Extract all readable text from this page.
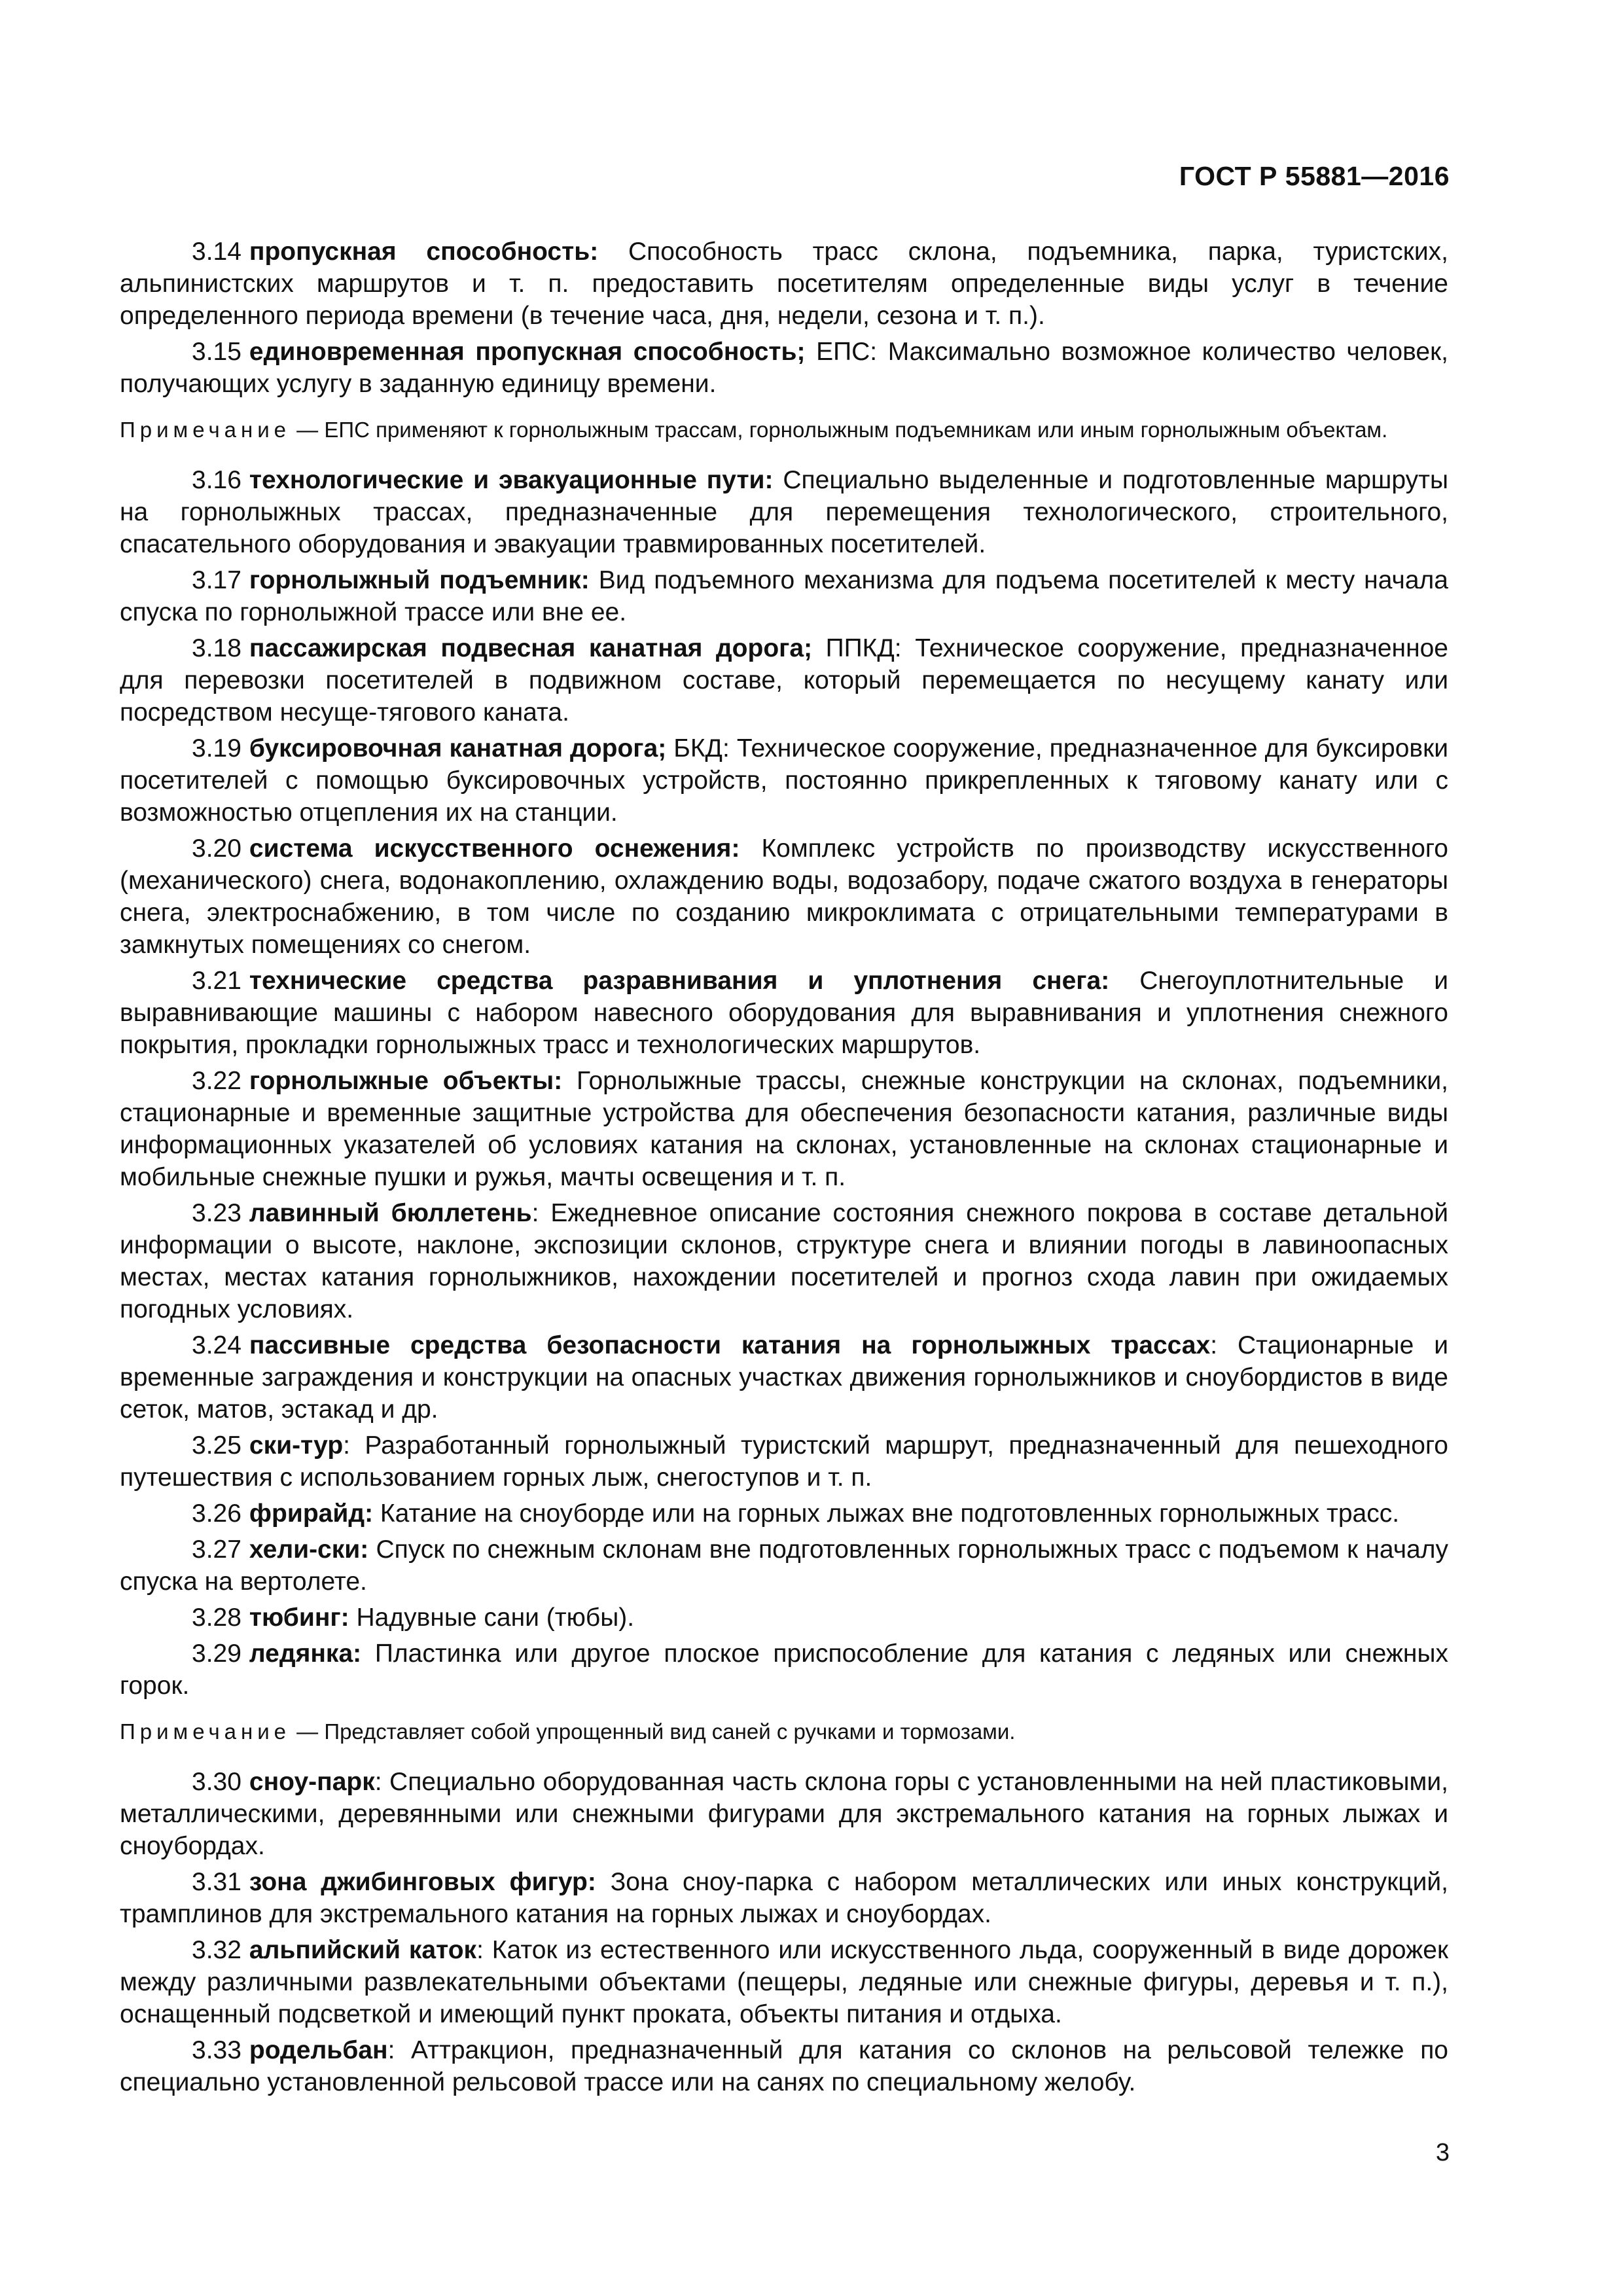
ГОСТ Р 55881—2016

3.14 пропускная способность: Способность трасс склона, подъемника, парка, туристских, альпинистских маршрутов и т. п. предоставить посетителям определенные виды услуг в течение определенного периода времени (в течение часа, дня, недели, сезона и т. п.).

3.15 единовременная пропускная способность; ЕПС: Максимально возможное количество человек, получающих услугу в заданную единицу времени.

Примечание — ЕПС применяют к горнолыжным трассам, горнолыжным подъемникам или иным горнолыжным объектам.

3.16 технологические и эвакуационные пути: Специально выделенные и подготовленные маршруты на горнолыжных трассах, предназначенные для перемещения технологического, строительного, спасательного оборудования и эвакуации травмированных посетителей.

3.17 горнолыжный подъемник: Вид подъемного механизма для подъема посетителей к месту начала спуска по горнолыжной трассе или вне ее.

3.18 пассажирская подвесная канатная дорога; ППКД: Техническое сооружение, предназначенное для перевозки посетителей в подвижном составе, который перемещается по несущему канату или посредством несуще-тягового каната.

3.19 буксировочная канатная дорога; БКД: Техническое сооружение, предназначенное для буксировки посетителей с помощью буксировочных устройств, постоянно прикрепленных к тяговому канату или с возможностью отцепления их на станции.

3.20 система искусственного оснежения: Комплекс устройств по производству искусственного (механического) снега, водонакоплению, охлаждению воды, водозабору, подаче сжатого воздуха в генераторы снега, электроснабжению, в том числе по созданию микроклимата с отрицательными температурами в замкнутых помещениях со снегом.

3.21 технические средства разравнивания и уплотнения снега: Снегоуплотнительные и выравнивающие машины с набором навесного оборудования для выравнивания и уплотнения снежного покрытия, прокладки горнолыжных трасс и технологических маршрутов.

3.22 горнолыжные объекты: Горнолыжные трассы, снежные конструкции на склонах, подъемники, стационарные и временные защитные устройства для обеспечения безопасности катания, различные виды информационных указателей об условиях катания на склонах, установленные на склонах стационарные и мобильные снежные пушки и ружья, мачты освещения и т. п.

3.23 лавинный бюллетень: Ежедневное описание состояния снежного покрова в составе детальной информации о высоте, наклоне, экспозиции склонов, структуре снега и влиянии погоды в лавиноопасных местах, местах катания горнолыжников, нахождении посетителей и прогноз схода лавин при ожидаемых погодных условиях.

3.24 пассивные средства безопасности катания на горнолыжных трассах: Стационарные и временные заграждения и конструкции на опасных участках движения горнолыжников и сноубордистов в виде сеток, матов, эстакад и др.

3.25 ски-тур: Разработанный горнолыжный туристский маршрут, предназначенный для пешеходного путешествия с использованием горных лыж, снегоступов и т. п.

3.26 фрирайд: Катание на сноуборде или на горных лыжах вне подготовленных горнолыжных трасс.

3.27 хели-ски: Спуск по снежным склонам вне подготовленных горнолыжных трасс с подъемом к началу спуска на вертолете.

3.28 тюбинг: Надувные сани (тюбы).

3.29 ледянка: Пластинка или другое плоское приспособление для катания с ледяных или снежных горок.

Примечание — Представляет собой упрощенный вид саней с ручками и тормозами.

3.30 сноу-парк: Специально оборудованная часть склона горы с установленными на ней пластиковыми, металлическими, деревянными или снежными фигурами для экстремального катания на горных лыжах и сноубордах.

3.31 зона джибинговых фигур: Зона сноу-парка с набором металлических или иных конструкций, трамплинов для экстремального катания на горных лыжах и сноубордах.

3.32 альпийский каток: Каток из естественного или искусственного льда, сооруженный в виде дорожек между различными развлекательными объектами (пещеры, ледяные или снежные фигуры, деревья и т. п.), оснащенный подсветкой и имеющий пункт проката, объекты питания и отдыха.

3.33 родельбан: Аттракцион, предназначенный для катания со склонов на рельсовой тележке по специально установленной рельсовой трассе или на санях по специальному желобу.

3
